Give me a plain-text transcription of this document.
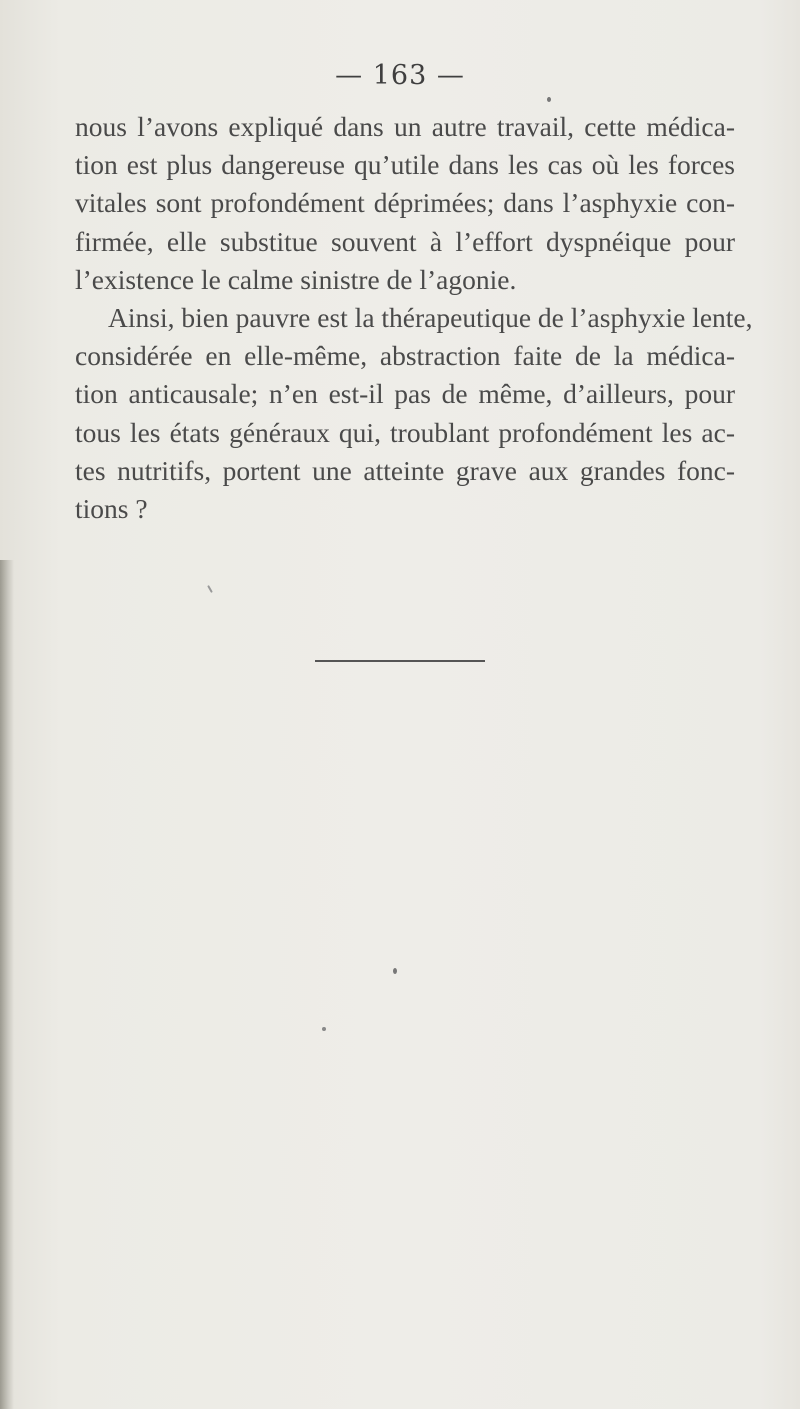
— 163 —
nous l’avons expliqué dans un autre travail, cette médica-
tion est plus dangereuse qu’utile dans les cas où les forces
vitales sont profondément déprimées; dans l’asphyxie con-
firmée, elle substitue souvent à l’effort dyspnéique pour
l’existence le calme sinistre de l’agonie.
Ainsi, bien pauvre est la thérapeutique de l’asphyxie lente,
considérée en elle-même, abstraction faite de la médica-
tion anticausale; n’en est-il pas de même, d’ailleurs, pour
tous les états généraux qui, troublant profondément les ac-
tes nutritifs, portent une atteinte grave aux grandes fonc-
tions ?
